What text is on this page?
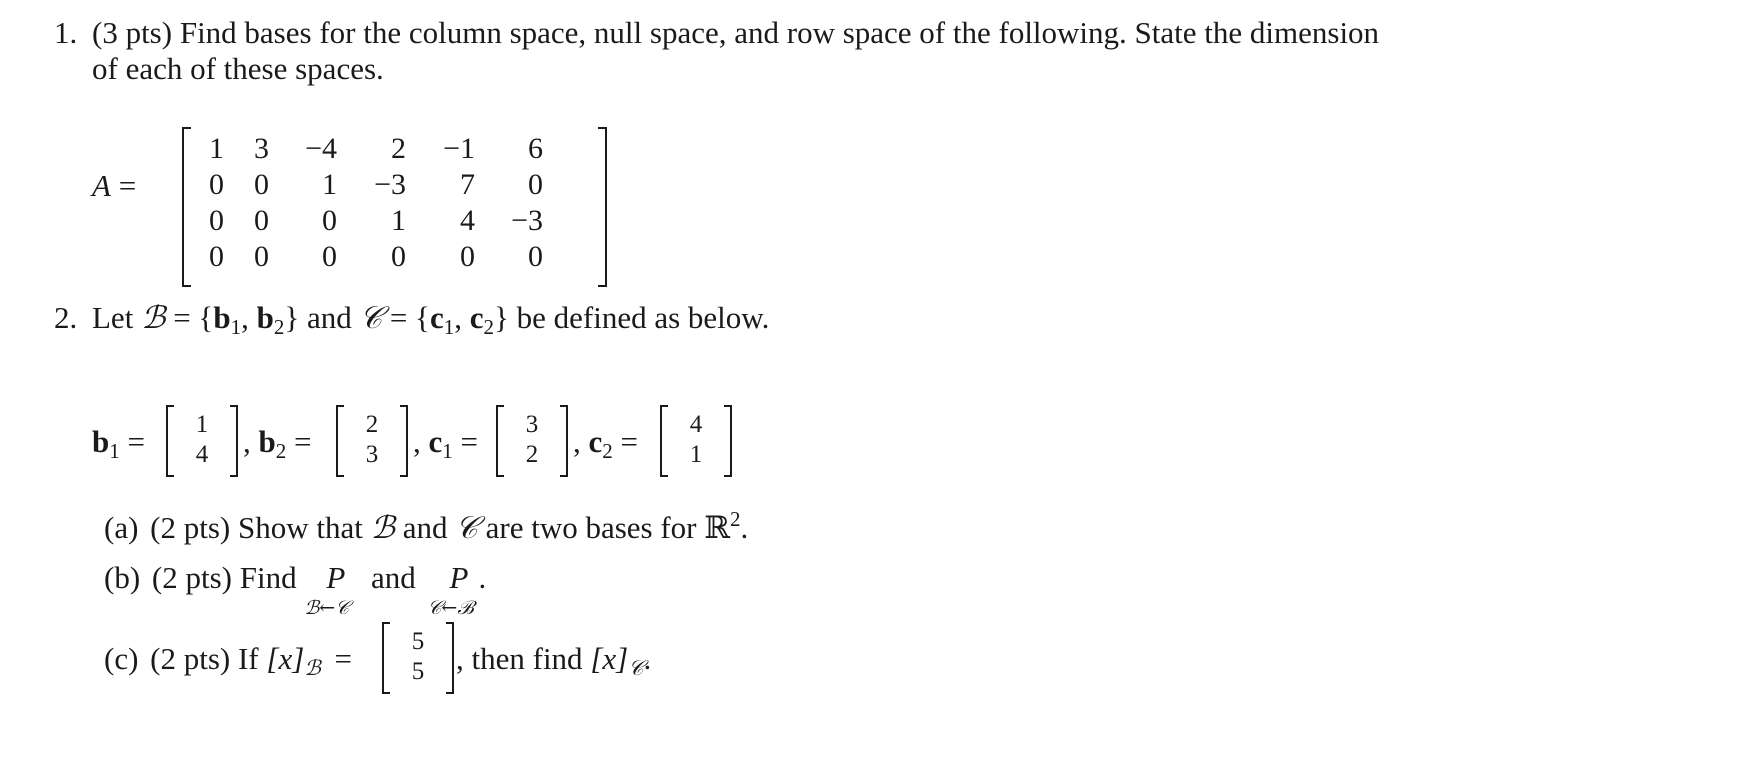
1. (3 pts) Find bases for the column space, null space, and row space of the following. State the dimension
of each of these spaces.
A =
1	3	−4	2	−1	6
0	0	1	−3	7	0
0	0	0	1	4	−3
0	0	0	0	0	0
2. Let ℬ = {$b_1$, $b_2$} and 𝒞 = {$c_1$, $c_2$} be defined as below.
$b_1$ =	1
4	, $b_2$ =	2
3	, $c_1$ =	3
2	, $c_2$ =	4
1
(a) (2 pts) Show that ℬ and 𝒞 are two bases for ℝ$^2$.
(b) (2 pts) Find P
ℬ←𝒞
and P
𝒞←ℬ
.
(c) (2 pts) If $[x]_ℬ$ =	5
5	, then find $[x]_𝒞$.
